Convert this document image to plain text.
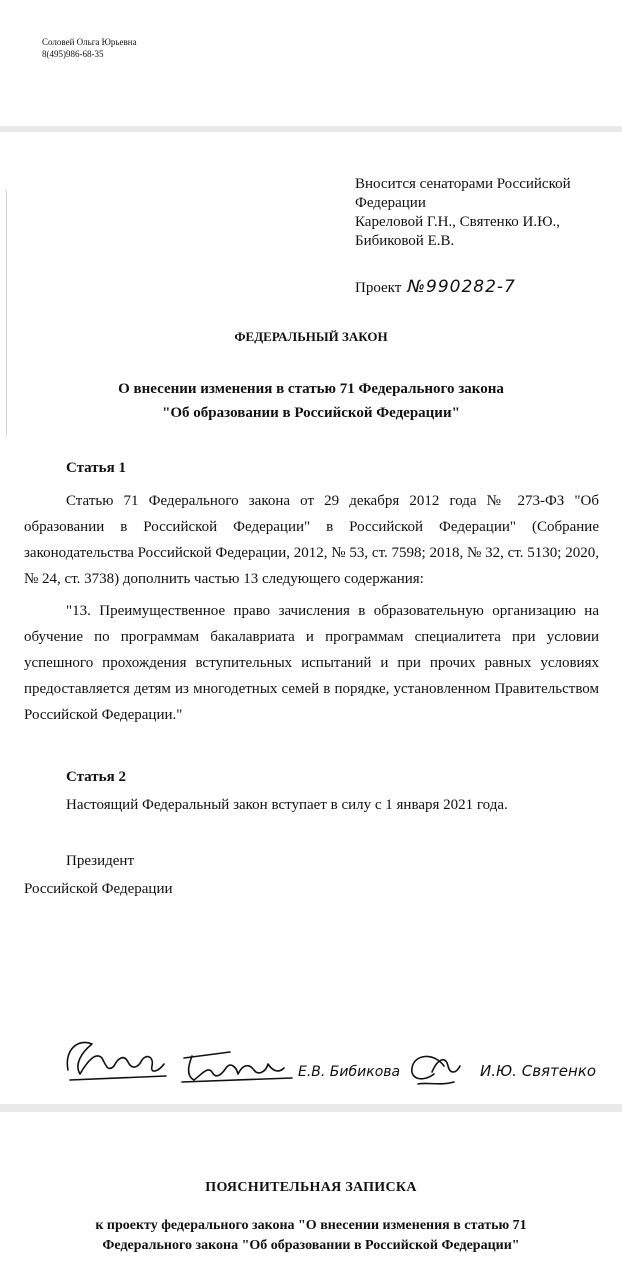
Соловей Ольга Юрьевна
8(495)986-68-35
Вносится сенаторами Российской
Федерации
Кареловой Г.Н., Святенко И.Ю.,
Бибиковой Е.В.
Проект №990282-7
ФЕДЕРАЛЬНЫЙ ЗАКОН
О внесении изменения в статью 71 Федерального закона
"Об образовании в Российской Федерации"
Статья 1
Статью 71 Федерального закона от 29 декабря 2012 года № 273-ФЗ "Об образовании в Российской Федерации" в Российской Федерации" (Собрание законодательства Российской Федерации, 2012, № 53, ст. 7598; 2018, № 32, ст. 5130; 2020, № 24, ст. 3738) дополнить частью 13 следующего содержания:
"13. Преимущественное право зачисления в образовательную организацию на обучение по программам бакалавриата и программам специалитета при условии успешного прохождения вступительных испытаний и при прочих равных условиях предоставляется детям из многодетных семей в порядке, установленном Правительством Российской Федерации."
Статья 2
Настоящий Федеральный закон вступает в силу с 1 января 2021 года.
Президент
Российской Федерации
Е.В. Бибикова	И.Ю. Святенко
ПОЯСНИТЕЛЬНАЯ ЗАПИСКА
к проекту федерального закона "О внесении изменения в статью 71
Федерального закона "Об образовании в Российской Федерации"
